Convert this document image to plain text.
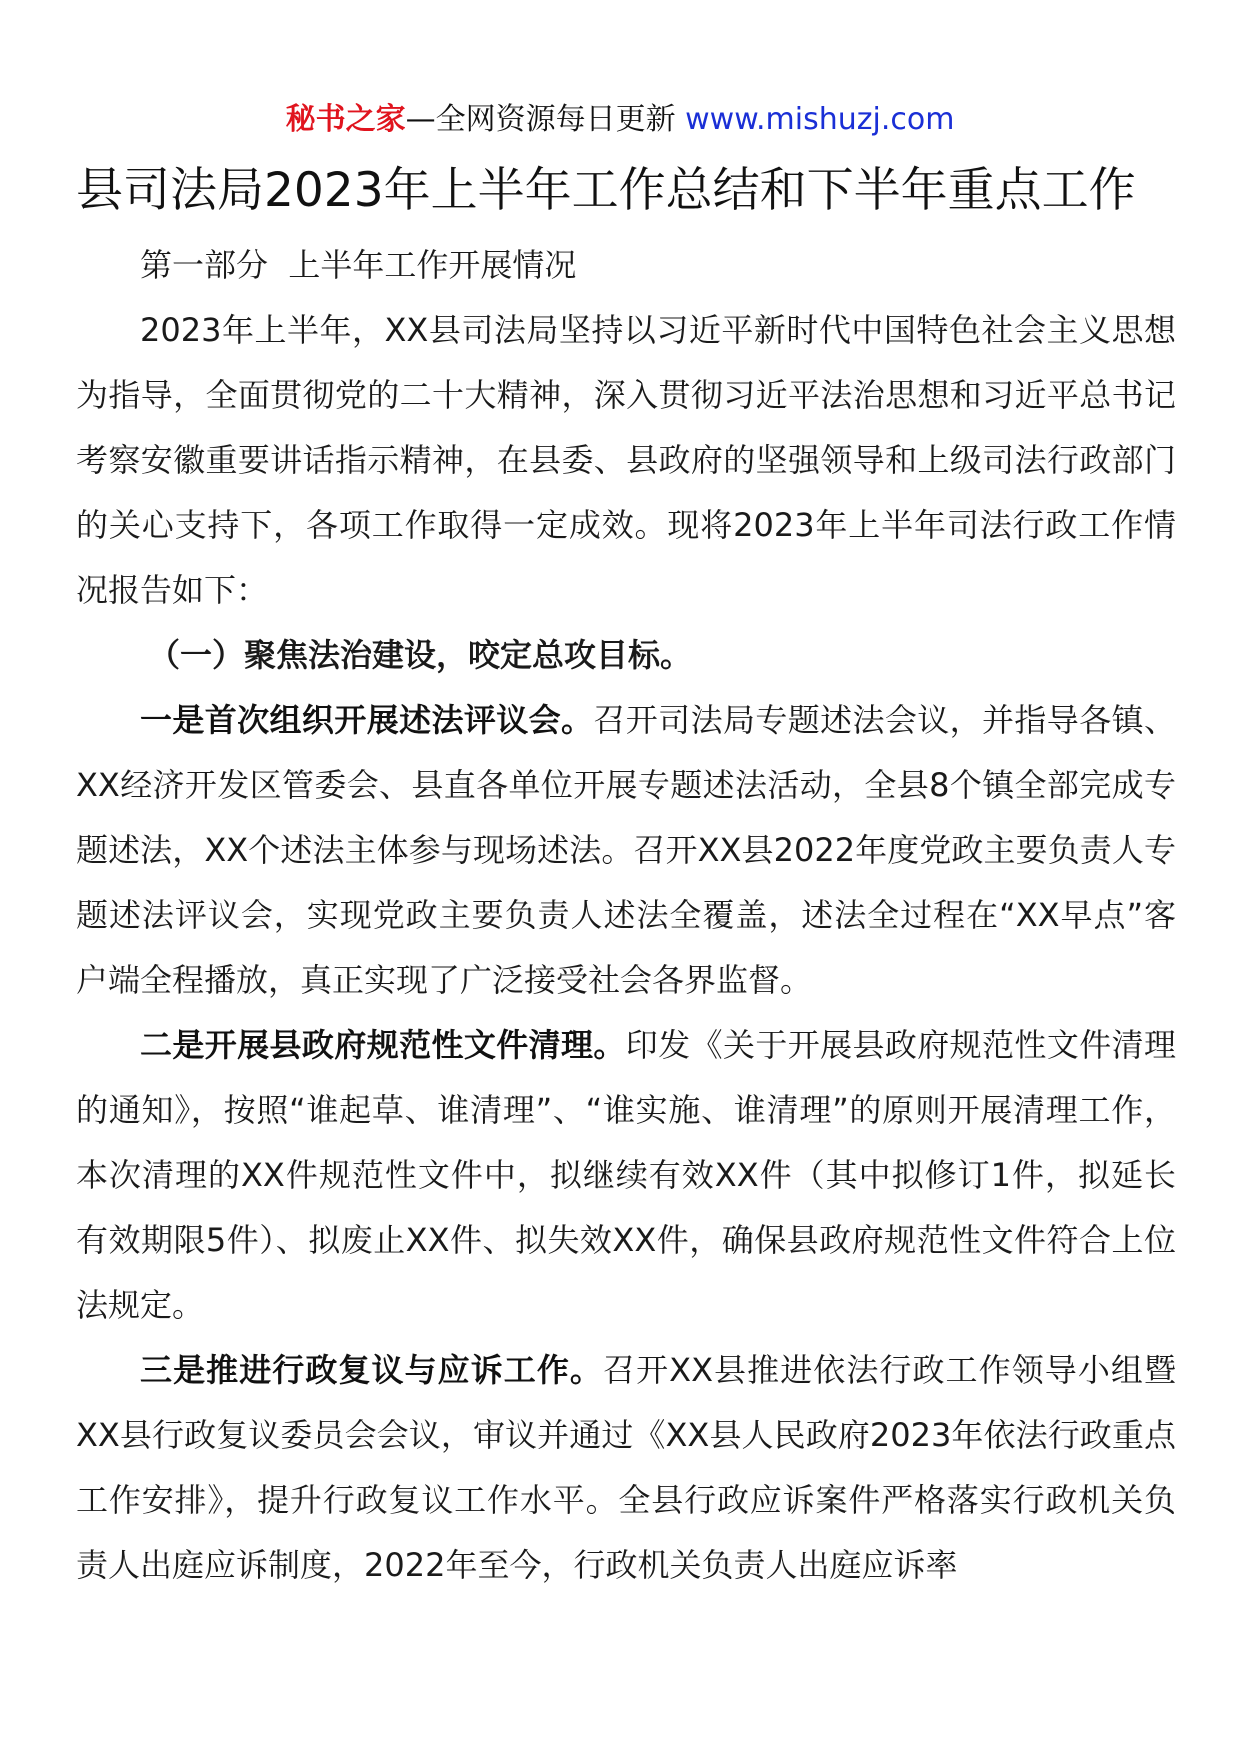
秘书之家—全网资源每日更新 www.mishuzj.com
县司法局2023年上半年工作总结和下半年重点工作

第一部分  上半年工作开展情况

2023年上半年，XX县司法局坚持以习近平新时代中国特色社会主义思想为指导，全面贯彻党的二十大精神，深入贯彻习近平法治思想和习近平总书记考察安徽重要讲话指示精神，在县委、县政府的坚强领导和上级司法行政部门的关心支持下，各项工作取得一定成效。现将2023年上半年司法行政工作情况报告如下：

（一）聚焦法治建设，咬定总攻目标。

一是首次组织开展述法评议会。召开司法局专题述法会议，并指导各镇、XX经济开发区管委会、县直各单位开展专题述法活动，全县8个镇全部完成专题述法，XX个述法主体参与现场述法。召开XX县2022年度党政主要负责人专题述法评议会，实现党政主要负责人述法全覆盖，述法全过程在“XX早点”客户端全程播放，真正实现了广泛接受社会各界监督。

二是开展县政府规范性文件清理。印发《关于开展县政府规范性文件清理的通知》，按照“谁起草、谁清理”、“谁实施、谁清理”的原则开展清理工作，本次清理的XX件规范性文件中，拟继续有效XX件（其中拟修订1件，拟延长有效期限5件）、拟废止XX件、拟失效XX件，确保县政府规范性文件符合上位法规定。

三是推进行政复议与应诉工作。召开XX县推进依法行政工作领导小组暨XX县行政复议委员会会议，审议并通过《XX县人民政府2023年依法行政重点工作安排》，提升行政复议工作水平。全县行政应诉案件严格落实行政机关负责人出庭应诉制度，2022年至今，行政机关负责人出庭应诉率
